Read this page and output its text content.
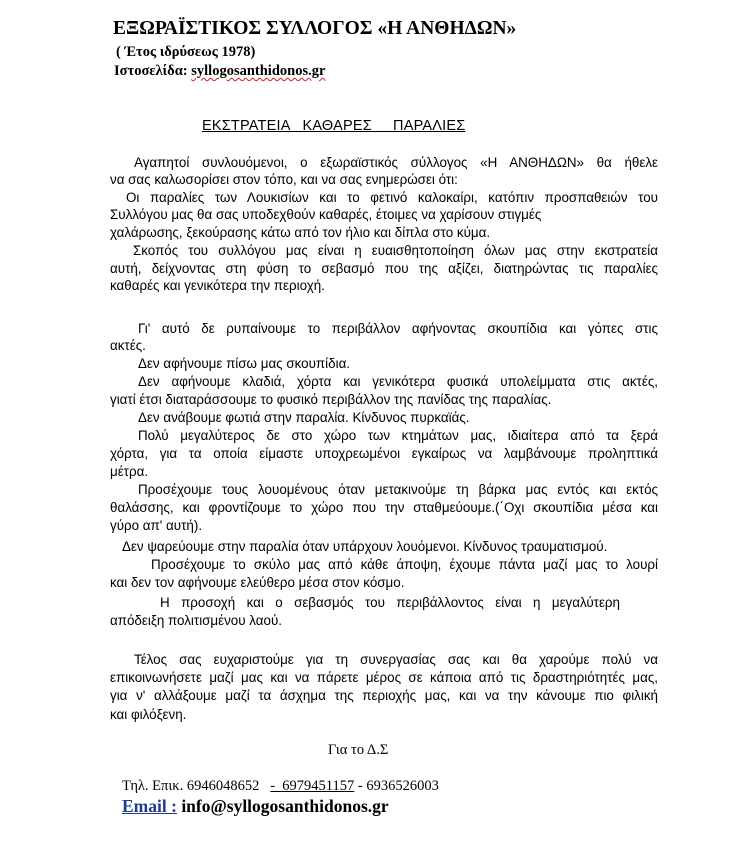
ΕΞΩΡΑΪΣΤΙΚΟΣ ΣΥΛΛΟΓΟΣ «Η ΑΝΘΗΔΩΝ»
( Έτος ιδρύσεως 1978)
Ιστοσελίδα: syllogosanthidonos.gr
ΕΚΣΤΡΑΤΕΙΑ   ΚΑΘΑΡΕΣ     ΠΑΡΑΛΙΕΣ
Αγαπητοί συνλουόμενοι, ο εξωραϊστικός σύλλογος «Η ΑΝΘΗΔΩΝ» θα ήθελε
να σας καλωσορίσει στον τόπο, και να σας ενημερώσει ότι:
Οι παραλίες των Λουκισίων και το φετινό καλοκαίρι, κατόπιν προσπαθειών του
Συλλόγου μας θα σας υποδεχθούν καθαρές, έτοιμες να χαρίσουν στιγμές
χαλάρωσης, ξεκούρασης κάτω από τον ήλιο και δίπλα στο κύμα.
Σκοπός του συλλόγου μας είναι η ευαισθητοποίηση όλων μας στην εκστρατεία
αυτή, δείχνοντας στη φύση το σεβασμό που της αξίζει, διατηρώντας τις παραλίες
καθαρές και γενικότερα την περιοχή.
Γι' αυτό δε ρυπαίνουμε το περιβάλλον αφήνοντας σκουπίδια και γόπες στις
ακτές.
Δεν αφήνουμε πίσω μας σκουπίδια.
Δεν αφήνουμε κλαδιά, χόρτα και γενικότερα φυσικά υπολείμματα στις ακτές,
γιατί έτσι διαταράσσουμε το φυσικό περιβάλλον της πανίδας της παραλίας.
Δεν ανάβουμε φωτιά στην παραλία. Κίνδυνος πυρκαϊάς.
Πολύ μεγαλύτερος δε στο χώρο των κτημάτων μας, ιδιαίτερα από τα ξερά
χόρτα, για τα οποία είμαστε υποχρεωμένοι εγκαίρως να λαμβάνουμε προληπτικά
μέτρα.
Προσέχουμε τους λουομένους όταν μετακινούμε τη βάρκα μας εντός και εκτός
θαλάσσης, και φροντίζουμε το χώρο που την σταθμεύουμε.(΄Οχι σκουπίδια μέσα και
γύρο απ' αυτή).
Δεν ψαρεύουμε στην παραλία όταν υπάρχουν λουόμενοι. Κίνδυνος τραυματισμού.
Προσέχουμε το σκύλο μας από κάθε άποψη, έχουμε πάντα μαζί μας το λουρί
και δεν τον αφήνουμε ελεύθερο μέσα στον κόσμο.
Η προσοχή και ο σεβασμός του περιβάλλοντος είναι η μεγαλύτερη
απόδειξη πολιτισμένου λαού.
Τέλος σας ευχαριστούμε για τη συνεργασίας σας και θα χαρούμε πολύ να
επικοινωνήσετε μαζί μας και να πάρετε μέρος σε κάποια από τις δραστηριότητές μας,
για ν' αλλάξουμε μαζί τα άσχημα της περιοχής μας, και να την κάνουμε πιο φιλική
και φιλόξενη.
Για το Δ.Σ
Τηλ. Επικ. 6946048652   -  6979451157 - 6936526003
Email : info@syllogosanthidonos.gr
